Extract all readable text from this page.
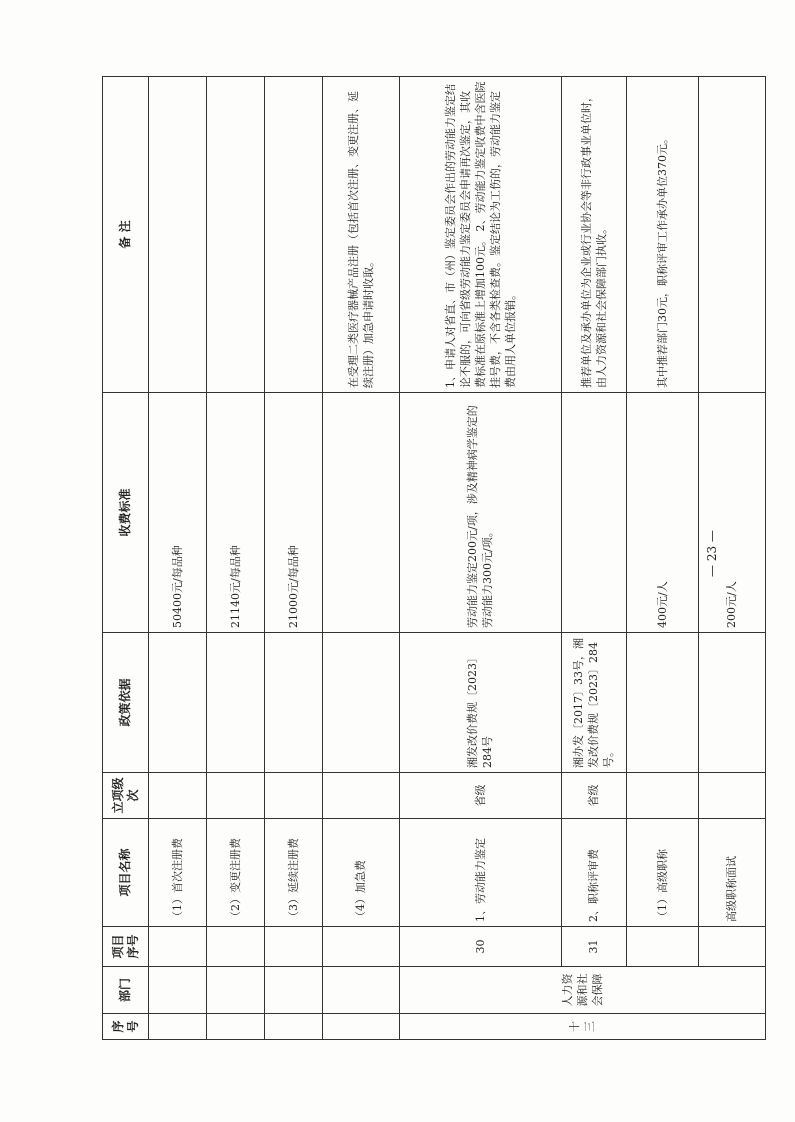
序号	部门	项目序号	项目名称	立项级次	政策依据	收费标准	备 注
			（1）首次注册费			50400元/每品种	
			（2）变更注册费			21140元/每品种	
			（3）延续注册费			21000元/每品种	
			（4）加急费				在受理二类医疗器械产品注册（包括首次注册、变更注册、延续注册）加急申请时收取。
十三	人力资源和社会保障	30	1、劳动能力鉴定	省级	湘发改价费规〔2023〕284号	劳动能力鉴定200元/项，涉及精神病学鉴定的劳动能力300元/项。	1、申请人对省直、市（州）鉴定委员会作出的劳动能力鉴定结论不服的，可向省级劳动能力鉴定委员会申请再次鉴定，其收费标准在原标准上增加100元。 2、劳动能力鉴定收费中含医院挂号费，不含各类检查费。鉴定结论为工伤的，劳动能力鉴定费由用人单位报销。
		31	2、职称评审费	省级	湘办发〔2017〕33号，湘发改价费规〔2023〕284号。		推荐单位及承办单位为企业或行业协会等非行政事业单位时，由人力资源和社会保障部门执收。
			（1）高级职称			400元/人	其中推荐部门30元，职称评审工作承办单位370元。
			高级职称面试			200元/人	
— 23 —
